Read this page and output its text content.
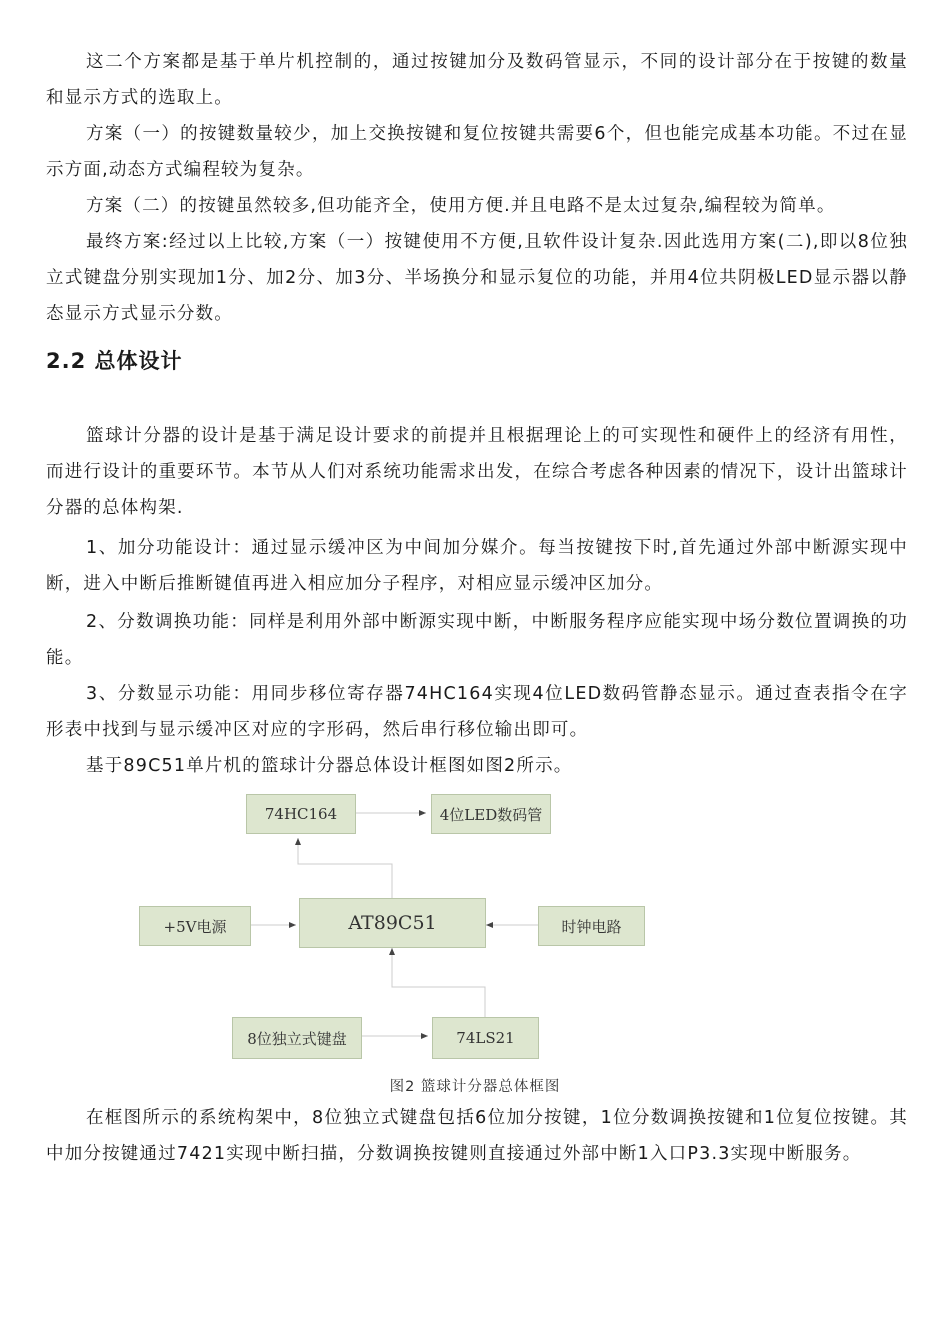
这二个方案都是基于单片机控制的，通过按键加分及数码管显示，不同的设计部分在于按键的数量和显示方式的选取上。

方案（一）的按键数量较少，加上交换按键和复位按键共需要6个，但也能完成基本功能。不过在显示方面,动态方式编程较为复杂。

方案（二）的按键虽然较多,但功能齐全，使用方便.并且电路不是太过复杂,编程较为简单。

最终方案:经过以上比较,方案（一）按键使用不方便,且软件设计复杂.因此选用方案(二),即以8位独立式键盘分别实现加1分、加2分、加3分、半场换分和显示复位的功能，并用4位共阴极LED显示器以静态显示方式显示分数。

2.2 总体设计

篮球计分器的设计是基于满足设计要求的前提并且根据理论上的可实现性和硬件上的经济有用性，而进行设计的重要环节。本节从人们对系统功能需求出发，在综合考虑各种因素的情况下，设计出篮球计分器的总体构架.

1、加分功能设计：通过显示缓冲区为中间加分媒介。每当按键按下时,首先通过外部中断源实现中断，进入中断后推断键值再进入相应加分子程序，对相应显示缓冲区加分。

2、分数调换功能：同样是利用外部中断源实现中断，中断服务程序应能实现中场分数位置调换的功能。

3、分数显示功能：用同步移位寄存器74HC164实现4位LED数码管静态显示。通过查表指令在字形表中找到与显示缓冲区对应的字形码，然后串行移位输出即可。

基于89C51单片机的篮球计分器总体设计框图如图2所示。

74HC164	4位LED数码管
+5V电源	AT89C51	时钟电路
8位独立式键盘	74LS21
图2 篮球计分器总体框图

在框图所示的系统构架中，8位独立式键盘包括6位加分按键，1位分数调换按键和1位复位按键。其中加分按键通过7421实现中断扫描，分数调换按键则直接通过外部中断1入口P3.3实现中断服务。
